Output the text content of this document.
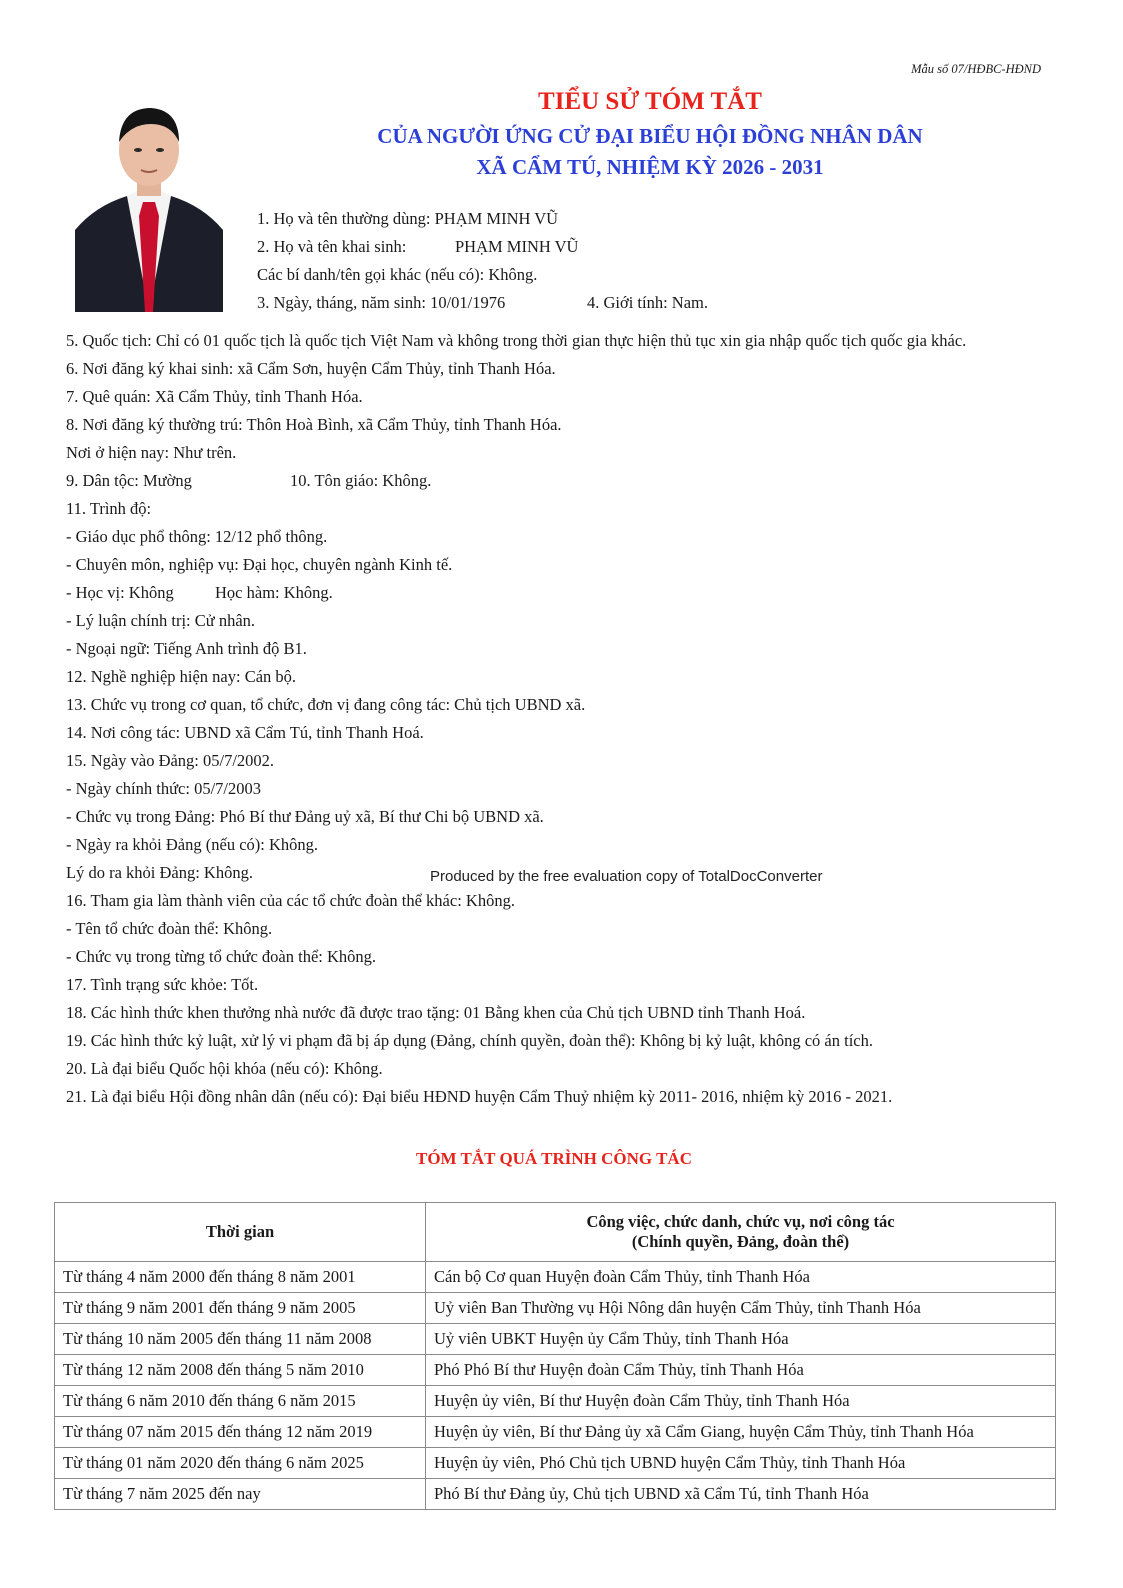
Mẫu số 07/HĐBC-HĐND
TIỂU SỬ TÓM TẮT
CỦA NGƯỜI ỨNG CỬ ĐẠI BIỂU HỘI ĐỒNG NHÂN DÂN
XÃ CẨM TÚ, NHIỆM KỲ 2026 - 2031
1. Họ và tên thường dùng: PHẠM MINH VŨ
2. Họ và tên khai sinh:	PHẠM MINH VŨ
Các bí danh/tên gọi khác (nếu có): Không.
3. Ngày, tháng, năm sinh: 10/01/1976	4. Giới tính: Nam.
5. Quốc tịch: Chỉ có 01 quốc tịch là quốc tịch Việt Nam và không trong thời gian thực hiện thủ tục xin gia nhập quốc tịch quốc gia khác.
6. Nơi đăng ký khai sinh: xã Cẩm Sơn, huyện Cẩm Thủy, tỉnh Thanh Hóa.
7. Quê quán: Xã Cẩm Thủy, tỉnh Thanh Hóa.
8. Nơi đăng ký thường trú: Thôn Hoà Bình, xã Cẩm Thủy, tỉnh Thanh Hóa.
Nơi ở hiện nay: Như trên.
9. Dân tộc: Mường	10. Tôn giáo: Không.
11. Trình độ:
- Giáo dục phổ thông: 12/12 phổ thông.
- Chuyên môn, nghiệp vụ: Đại học, chuyên ngành Kinh tế.
- Học vị: Không	Học hàm: Không.
- Lý luận chính trị: Cử nhân.
- Ngoại ngữ: Tiếng Anh trình độ B1.
12. Nghề nghiệp hiện nay: Cán bộ.
13. Chức vụ trong cơ quan, tổ chức, đơn vị đang công tác: Chủ tịch UBND xã.
14. Nơi công tác: UBND xã Cẩm Tú, tỉnh Thanh Hoá.
15. Ngày vào Đảng: 05/7/2002.
- Ngày chính thức: 05/7/2003
- Chức vụ trong Đảng: Phó Bí thư Đảng uỷ xã, Bí thư Chi bộ UBND xã.
- Ngày ra khỏi Đảng (nếu có): Không.
Lý do ra khỏi Đảng: Không.
16. Tham gia làm thành viên của các tổ chức đoàn thể khác: Không.
- Tên tổ chức đoàn thể: Không.
- Chức vụ trong từng tổ chức đoàn thể: Không.
17. Tình trạng sức khỏe: Tốt.
18. Các hình thức khen thưởng nhà nước đã được trao tặng: 01 Bằng khen của Chủ tịch UBND tỉnh Thanh Hoá.
19. Các hình thức kỷ luật, xử lý vi phạm đã bị áp dụng (Đảng, chính quyền, đoàn thể): Không bị kỷ luật, không có án tích.
20. Là đại biểu Quốc hội khóa (nếu có): Không.
21. Là đại biểu Hội đồng nhân dân (nếu có): Đại biểu HĐND huyện Cẩm Thuỷ nhiệm kỳ 2011- 2016, nhiệm kỳ 2016 - 2021.
Produced by the free evaluation copy of TotalDocConverter
TÓM TẮT QUÁ TRÌNH CÔNG TÁC
Thời gian	Công việc, chức danh, chức vụ, nơi công tác
(Chính quyền, Đảng, đoàn thể)

Từ tháng 4 năm 2000 đến tháng 8 năm 2001	Cán bộ Cơ quan Huyện đoàn Cẩm Thủy, tỉnh Thanh Hóa
Từ tháng 9 năm 2001 đến tháng 9 năm 2005	Uỷ viên Ban Thường vụ Hội Nông dân huyện Cẩm Thủy, tỉnh Thanh Hóa
Từ tháng 10 năm 2005 đến tháng 11 năm 2008	Uỷ viên UBKT Huyện ủy Cẩm Thủy, tỉnh Thanh Hóa
Từ tháng 12 năm 2008 đến tháng 5 năm 2010	Phó Phó Bí thư Huyện đoàn Cẩm Thủy, tỉnh Thanh Hóa
Từ tháng 6 năm 2010 đến tháng 6 năm 2015	Huyện ủy viên, Bí thư Huyện đoàn Cẩm Thủy, tỉnh Thanh Hóa
Từ tháng 07 năm 2015 đến tháng 12 năm 2019	Huyện ủy viên, Bí thư Đảng ủy xã Cẩm Giang, huyện Cẩm Thủy, tỉnh Thanh Hóa
Từ tháng 01 năm 2020 đến tháng 6 năm 2025	Huyện ủy viên, Phó Chủ tịch UBND huyện Cẩm Thủy, tỉnh Thanh Hóa
Từ tháng 7 năm 2025 đến nay	Phó Bí thư Đảng ủy, Chủ tịch UBND xã Cẩm Tú, tỉnh Thanh Hóa
